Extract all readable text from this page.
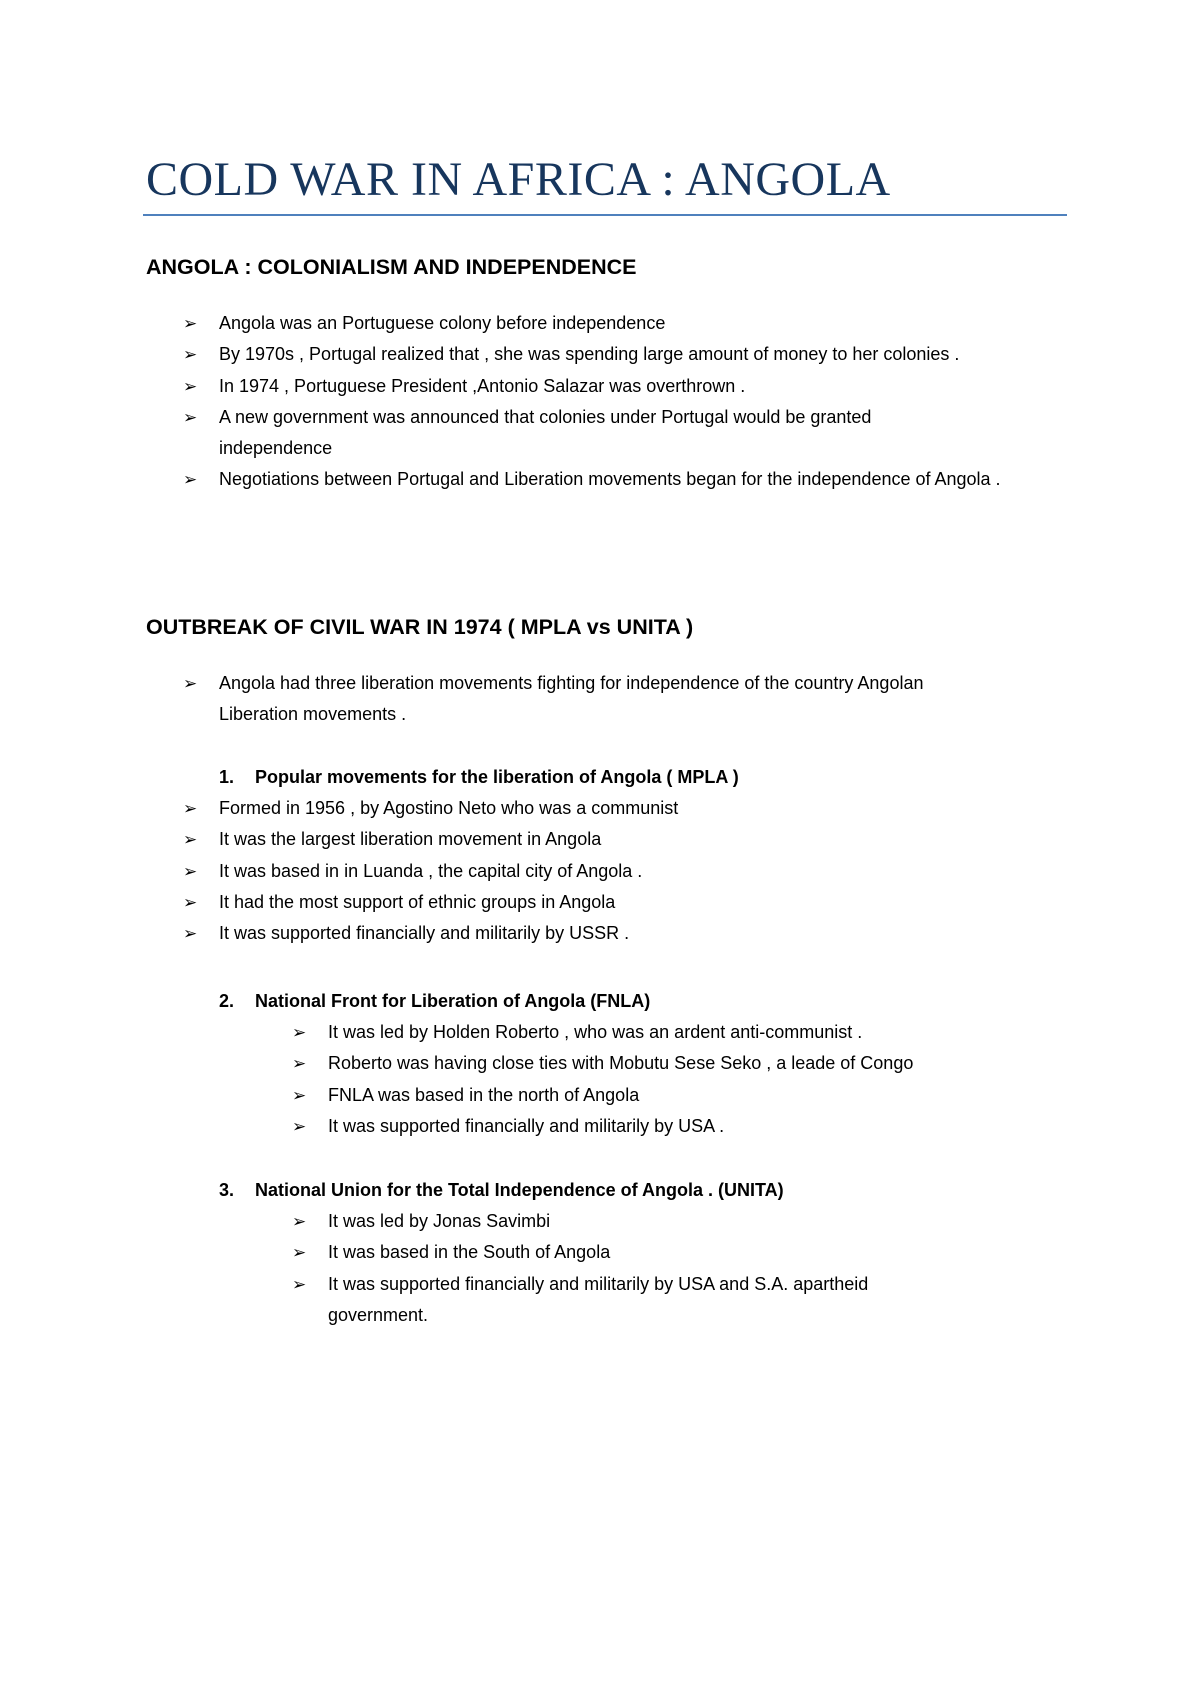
COLD WAR IN AFRICA : ANGOLA
ANGOLA : COLONIALISM AND INDEPENDENCE
➢	Angola was an Portuguese colony before independence
➢	By 1970s , Portugal realized that , she was spending large amount of money to her colonies .
➢	In 1974 , Portuguese President ,Antonio Salazar was overthrown .
➢	A new government was announced that colonies under Portugal would be granted independence
➢	Negotiations between Portugal and Liberation movements began for the independence of Angola .
OUTBREAK OF CIVIL WAR IN 1974 ( MPLA vs UNITA )
➢	Angola had three liberation movements fighting for independence of the country Angolan Liberation movements .
1. Popular movements for the liberation of Angola ( MPLA )
➢	Formed in 1956 , by Agostino Neto who was a communist
➢	It was the largest liberation movement in Angola
➢	It was based in in Luanda , the capital city of Angola .
➢	It had the most support of ethnic groups in Angola
➢	It was supported financially and militarily by USSR .
2. National Front for Liberation of Angola (FNLA)
➢	It was led by Holden Roberto , who was an ardent anti-communist .
➢	Roberto was having close ties with Mobutu Sese Seko , a leade of Congo
➢	FNLA was based in the north of Angola
➢	It was supported financially and militarily by USA .
3. National Union for the Total Independence of Angola . (UNITA)
➢	It was led by Jonas Savimbi
➢	It was based in the South of Angola
➢	It was supported financially and militarily by USA and S.A. apartheid government.
